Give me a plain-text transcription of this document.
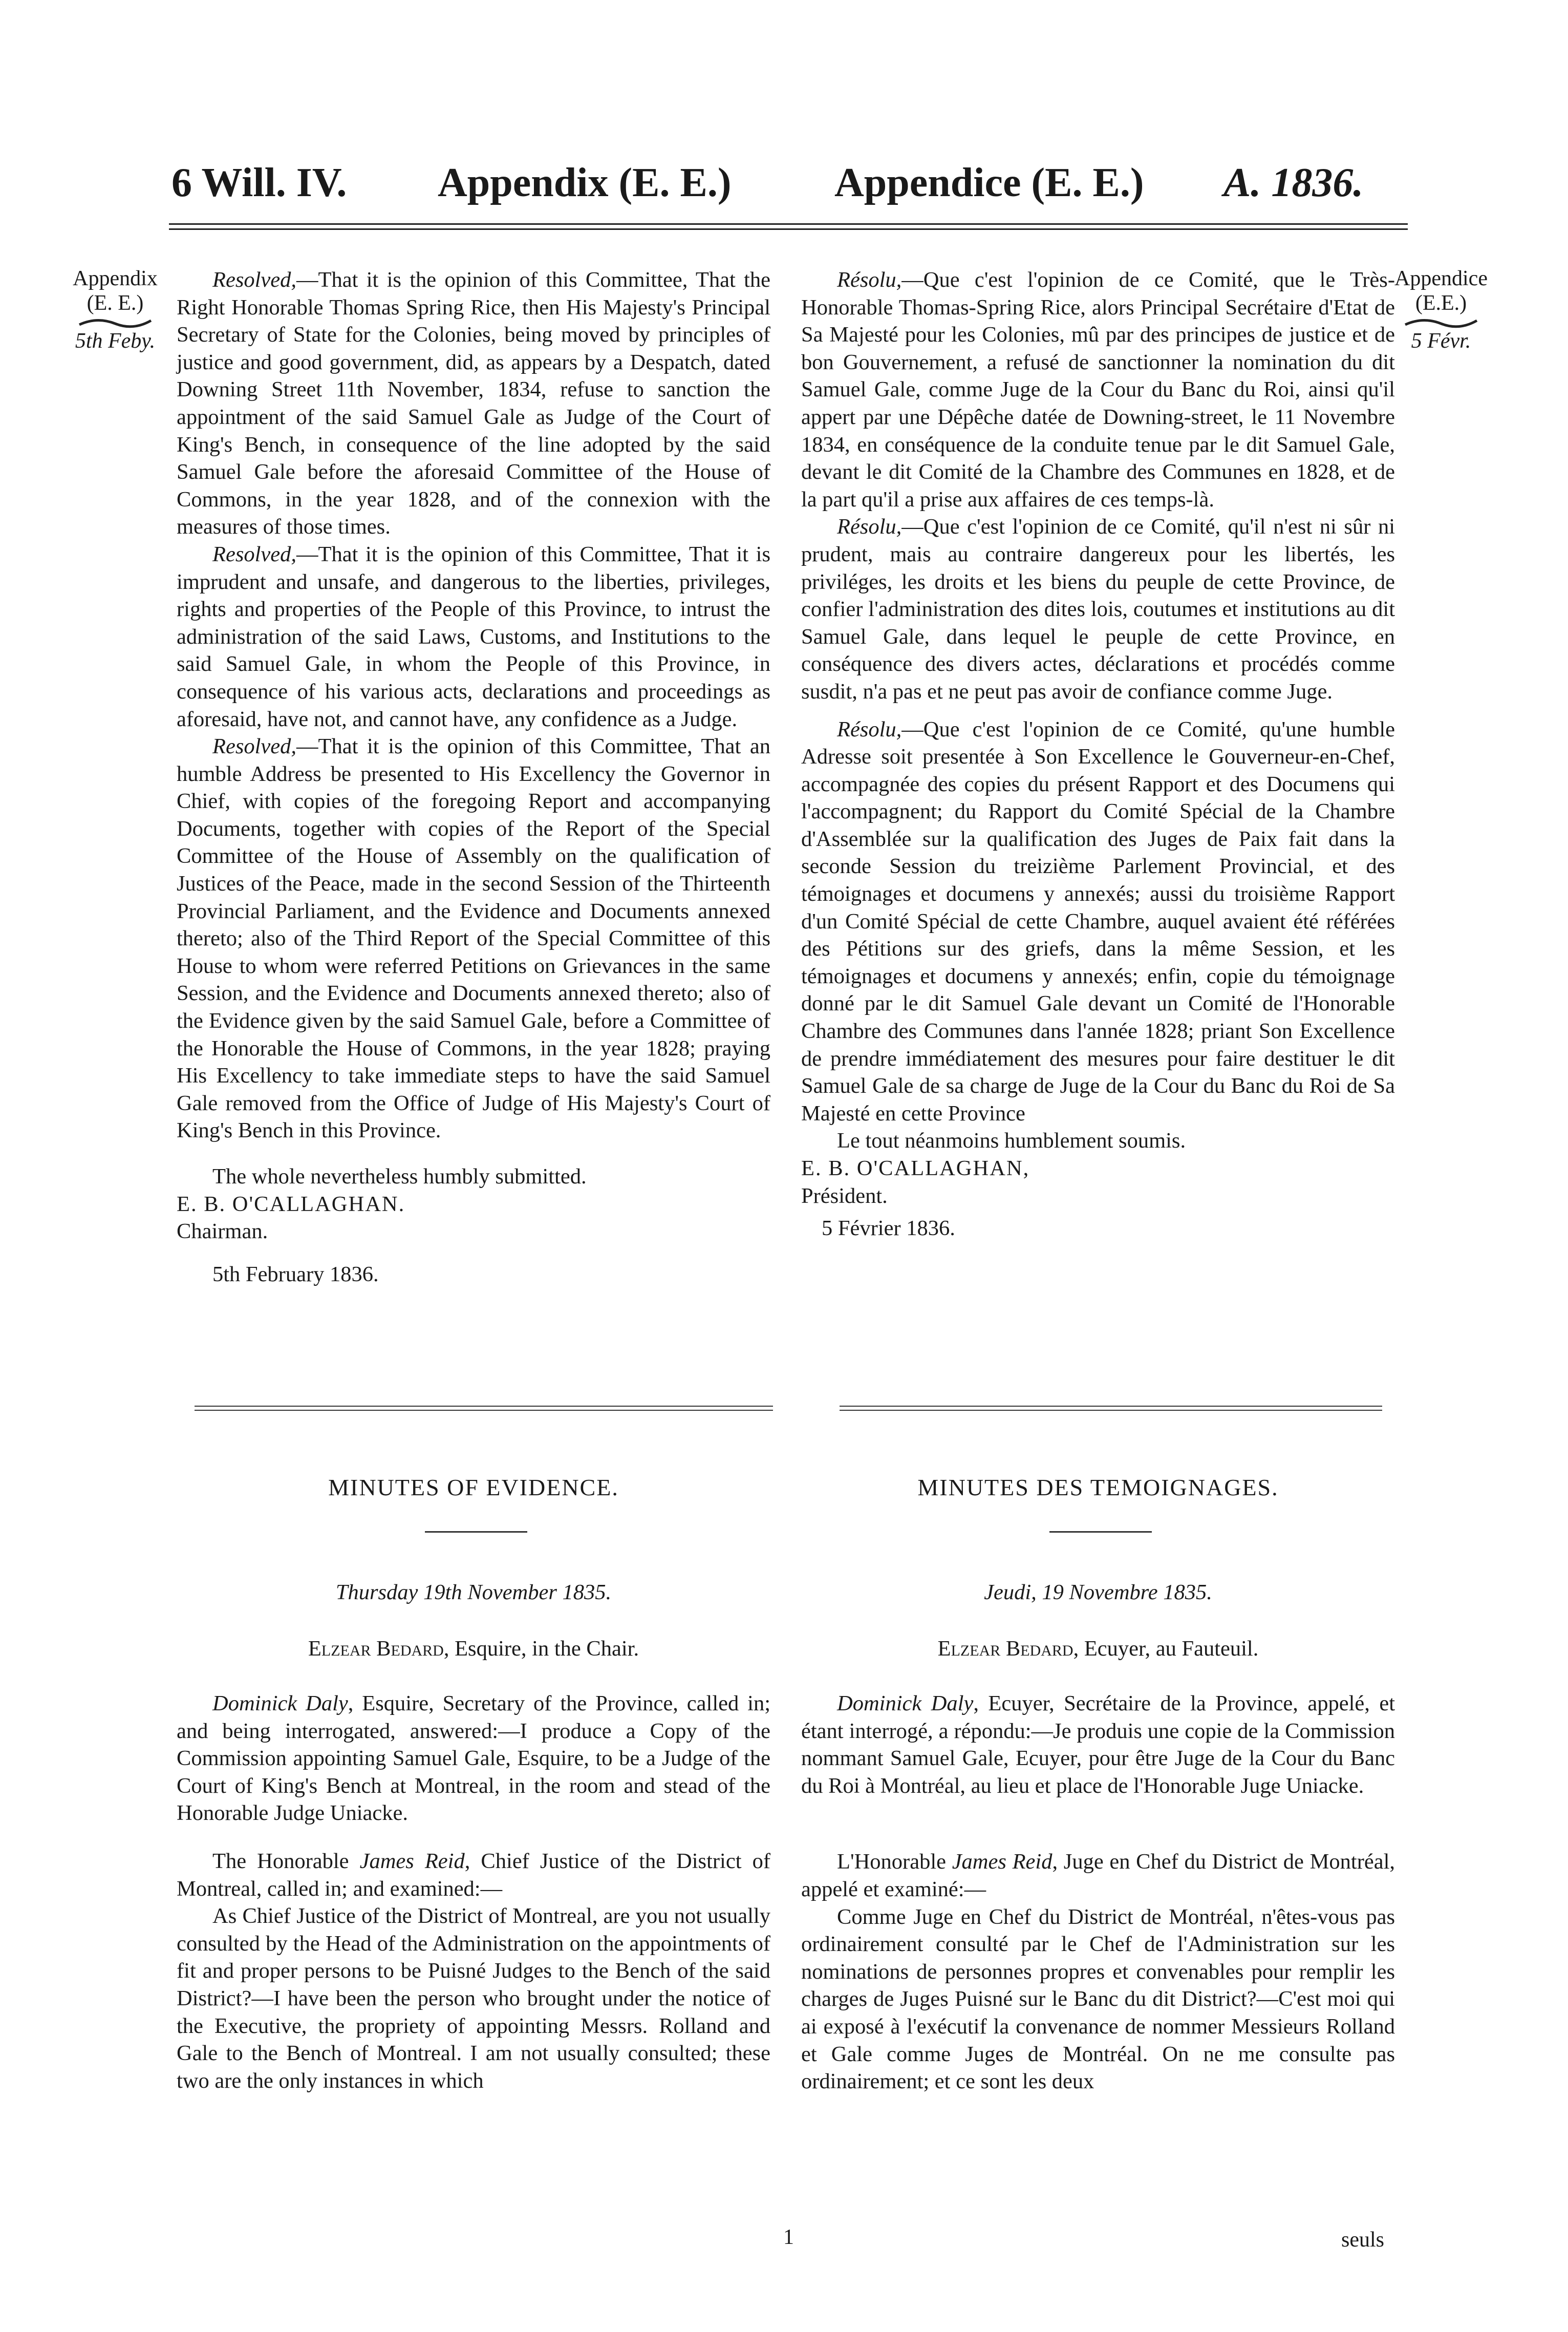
6 Will. IV. Appendix (E. E.)	Appendice (E. E.) A. 1836.
Appendix
(E. E.)
5th Feby.
Appendice
(E.E.)
5 Févr.

Resolved,—That it is the opinion of this Committee, That the Right Honorable Thomas Spring Rice, then His Majesty's Principal Secretary of State for the Colonies, being moved by principles of justice and good government, did, as appears by a Despatch, dated Downing Street 11th November, 1834, refuse to sanction the appointment of the said Samuel Gale as Judge of the Court of King's Bench, in consequence of the line adopted by the said Samuel Gale before the aforesaid Committee of the House of Commons, in the year 1828, and of the connexion with the measures of those times.

Resolved,—That it is the opinion of this Committee, That it is imprudent and unsafe, and dangerous to the liberties, privileges, rights and properties of the People of this Province, to intrust the administration of the said Laws, Customs, and Institutions to the said Samuel Gale, in whom the People of this Province, in consequence of his various acts, declarations and proceedings as aforesaid, have not, and cannot have, any confidence as a Judge.

Resolved,—That it is the opinion of this Committee, That an humble Address be presented to His Excellency the Governor in Chief, with copies of the foregoing Report and accompanying Documents, together with copies of the Report of the Special Committee of the House of Assembly on the qualification of Justices of the Peace, made in the second Session of the Thirteenth Provincial Parliament, and the Evidence and Documents annexed thereto; also of the Third Report of the Special Committee of this House to whom were referred Petitions on Grievances in the same Session, and the Evidence and Documents annexed thereto; also of the Evidence given by the said Samuel Gale, before a Committee of the Honorable the House of Commons, in the year 1828; praying His Excellency to take immediate steps to have the said Samuel Gale removed from the Office of Judge of His Majesty's Court of King's Bench in this Province.

The whole nevertheless humbly submitted.

E. B. O'CALLAGHAN.

Chairman.

5th February 1836.

Résolu,—Que c'est l'opinion de ce Comité, que le Très-Honorable Thomas-Spring Rice, alors Principal Secrétaire d'Etat de Sa Majesté pour les Colonies, mû par des principes de justice et de bon Gouvernement, a refusé de sanctionner la nomination du dit Samuel Gale, comme Juge de la Cour du Banc du Roi, ainsi qu'il appert par une Dépêche datée de Downing-street, le 11 Novembre 1834, en conséquence de la conduite tenue par le dit Samuel Gale, devant le dit Comité de la Chambre des Communes en 1828, et de la part qu'il a prise aux affaires de ces temps-là.

Résolu,—Que c'est l'opinion de ce Comité, qu'il n'est ni sûr ni prudent, mais au contraire dangereux pour les libertés, les priviléges, les droits et les biens du peuple de cette Province, de confier l'administration des dites lois, coutumes et institutions au dit Samuel Gale, dans lequel le peuple de cette Province, en conséquence des divers actes, déclarations et procédés comme susdit, n'a pas et ne peut pas avoir de confiance comme Juge.

Résolu,—Que c'est l'opinion de ce Comité, qu'une humble Adresse soit presentée à Son Excellence le Gouverneur-en-Chef, accompagnée des copies du présent Rapport et des Documens qui l'accompagnent; du Rapport du Comité Spécial de la Chambre d'Assemblée sur la qualification des Juges de Paix fait dans la seconde Session du treizième Parlement Provincial, et des témoignages et documens y annexés; aussi du troisième Rapport d'un Comité Spécial de cette Chambre, auquel avaient été référées des Pétitions sur des griefs, dans la même Session, et les témoignages et documens y annexés; enfin, copie du témoignage donné par le dit Samuel Gale devant un Comité de l'Honorable Chambre des Communes dans l'année 1828; priant Son Excellence de prendre immédiatement des mesures pour faire destituer le dit Samuel Gale de sa charge de Juge de la Cour du Banc du Roi de Sa Majesté en cette Province

Le tout néanmoins humblement soumis.

E. B. O'CALLAGHAN,

Président.

5 Février 1836.

MINUTES OF EVIDENCE.	MINUTES DES TEMOIGNAGES.
Thursday 19th November 1835.	Jeudi, 19 Novembre 1835.
Elzear Bedard, Esquire, in the Chair.	Elzear Bedard, Ecuyer, au Fauteuil.

Dominick Daly, Esquire, Secretary of the Province, called in; and being interrogated, answered:—I produce a Copy of the Commission appointing Samuel Gale, Esquire, to be a Judge of the Court of King's Bench at Montreal, in the room and stead of the Honorable Judge Uniacke.

The Honorable James Reid, Chief Justice of the District of Montreal, called in; and examined:—

As Chief Justice of the District of Montreal, are you not usually consulted by the Head of the Administration on the appointments of fit and proper persons to be Puisné Judges to the Bench of the said District?—I have been the person who brought under the notice of the Executive, the propriety of appointing Messrs. Rolland and Gale to the Bench of Montreal. I am not usually consulted; these two are the only instances in which

Dominick Daly, Ecuyer, Secrétaire de la Province, appelé, et étant interrogé, a répondu:—Je produis une copie de la Commission nommant Samuel Gale, Ecuyer, pour être Juge de la Cour du Banc du Roi à Montréal, au lieu et place de l'Honorable Juge Uniacke.

L'Honorable James Reid, Juge en Chef du District de Montréal, appelé et examiné:—

Comme Juge en Chef du District de Montréal, n'êtes-vous pas ordinairement consulté par le Chef de l'Administration sur les nominations de personnes propres et convenables pour remplir les charges de Juges Puisné sur le Banc du dit District?—C'est moi qui ai exposé à l'exécutif la convenance de nommer Messieurs Rolland et Gale comme Juges de Montréal. On ne me consulte pas ordinairement; et ce sont les deux

1	seuls
